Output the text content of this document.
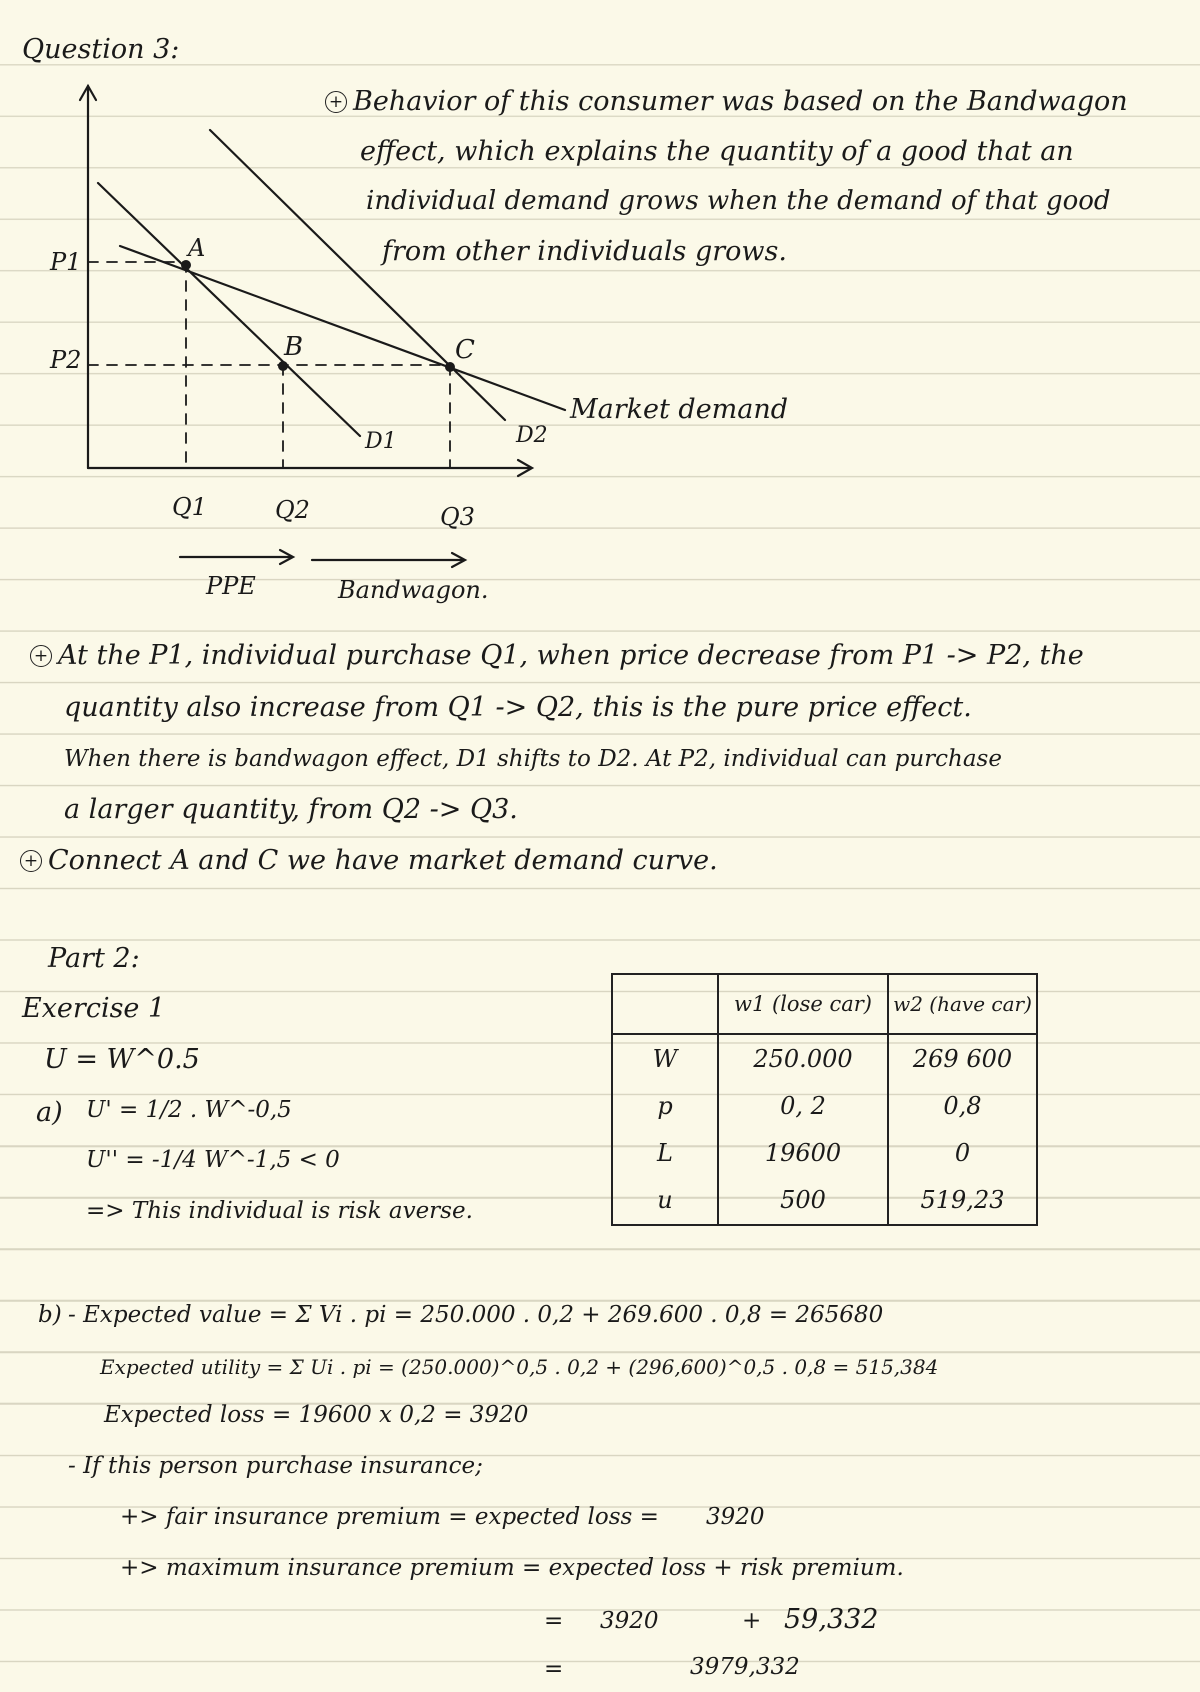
Question 3:
+ Behavior of this consumer was based on the Bandwagon
effect, which explains the quantity of a good that an
individual demand grows when the demand of that good
from other individuals grows.
P1
P2
A
B	C
D1	D2
Market demand
Q1	Q2	Q3
PPE	Bandwagon.
+ At the P1, individual purchase Q1, when price decrease from P1 -> P2, the
quantity also increase from Q1 -> Q2, this is the pure price effect.
When there is bandwagon effect, D1 shifts to D2. At P2, individual can purchase
a larger quantity, from Q2 -> Q3.
+ Connect A and C we have market demand curve.
Part 2:
Exercise 1
U = W^0.5
a) U' = 1/2 . W^-0,5
U'' = -1/4 W^-1,5 < 0
=> This individual is risk averse.
	w1 (lose car)	w2 (have car)
W	250.000	269 600
p	0, 2	0,8
L	19600	0
u	500	519,23
b) - Expected value = Σ Vi . pi = 250.000 . 0,2 + 269.600 . 0,8 = 265680
Expected utility = Σ Ui . pi = (250.000)^0,5 . 0,2 + (296,600)^0,5 . 0,8 = 515,384
Expected loss = 19600 x 0,2 = 3920
- If this person purchase insurance;
+> fair insurance premium = expected loss = 3920
+> maximum insurance premium = expected loss + risk premium.
= 3920	+ 59,332
=	3979,332
